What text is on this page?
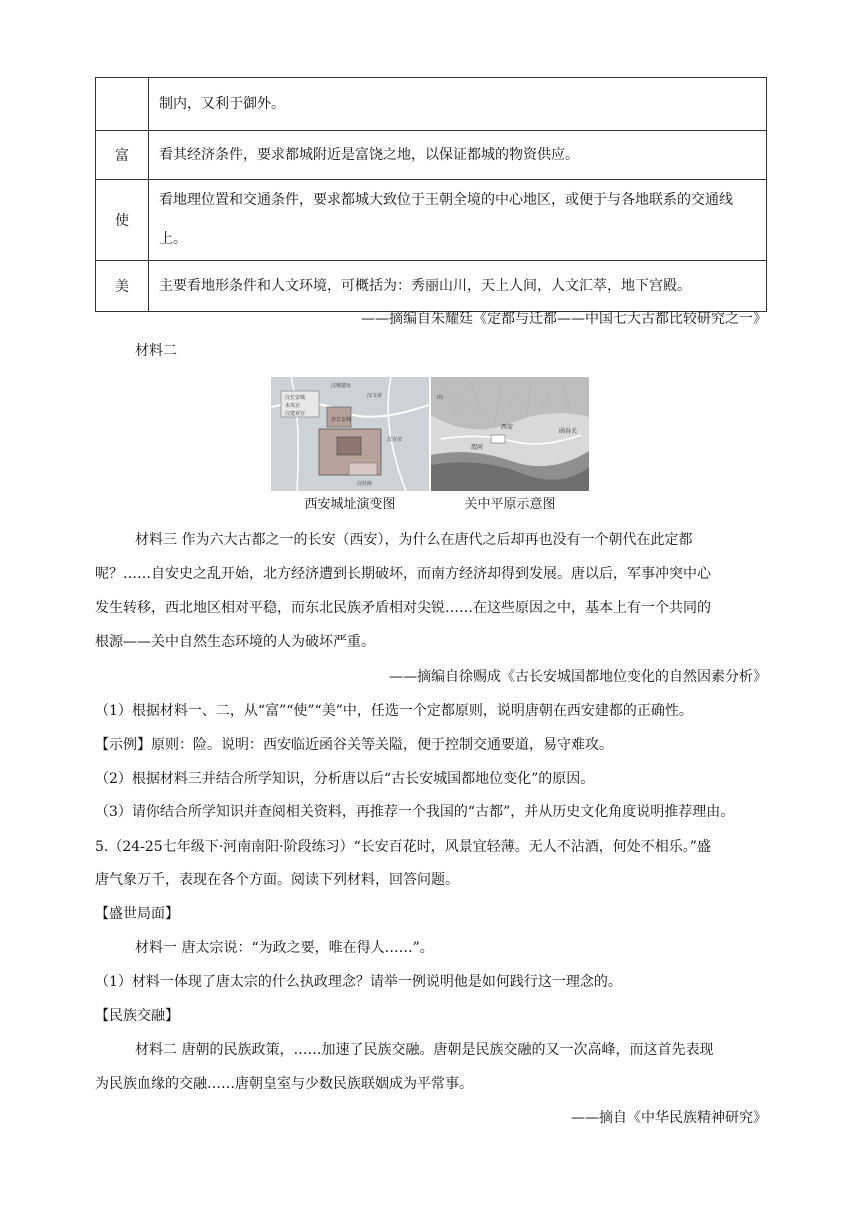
	制内，又利于御外。
富	看其经济条件，要求都城附近是富饶之地，以保证都城的物资供应。
使	看地理位置和交通条件，要求都城大致位于王朝全境的中心地区，或便于与各地联系的交通线上。
美	主要看地形条件和人文环境，可概括为：秀丽山川，天上人间，人文汇萃，地下宫殿。
——摘编自朱耀廷《定都与迁都——中国七大古都比较研究之一》
材料二
汉长安城
未央宫
汉建章宫
汉城遗址
汉文帝
唐长安城
汉宣帝
汉杜陵
西安城址演变图
西安
渭河
山
函谷关
关中平原示意图
材料三 作为六大古都之一的长安（西安），为什么在唐代之后却再也没有一个朝代在此定都
呢？……自安史之乱开始，北方经济遭到长期破坏，而南方经济却得到发展。唐以后，军事冲突中心
发生转移，西北地区相对平稳，而东北民族矛盾相对尖锐……在这些原因之中，基本上有一个共同的
根源——关中自然生态环境的人为破坏严重。
——摘编自徐赐成《古长安城国都地位变化的自然因素分析》
（1）根据材料一、二，从“富”“使”“美”中，任选一个定都原则，说明唐朝在西安建都的正确性。
【示例】原则：险。说明：西安临近函谷关等关隘，便于控制交通要道，易守难攻。
（2）根据材料三并结合所学知识，分析唐以后“古长安城国都地位变化”的原因。
（3）请你结合所学知识并查阅相关资料，再推荐一个我国的“古都”，并从历史文化角度说明推荐理由。
5.（24-25七年级下·河南南阳·阶段练习）“长安百花时，风景宜轻薄。无人不沾酒，何处不相乐。”盛
唐气象万千，表现在各个方面。阅读下列材料，回答问题。
【盛世局面】
材料一 唐太宗说：“为政之要，唯在得人……”。
（1）材料一体现了唐太宗的什么执政理念？请举一例说明他是如何践行这一理念的。
【民族交融】
材料二 唐朝的民族政策，……加速了民族交融。唐朝是民族交融的又一次高峰，而这首先表现
为民族血缘的交融……唐朝皇室与少数民族联姻成为平常事。
——摘自《中华民族精神研究》
